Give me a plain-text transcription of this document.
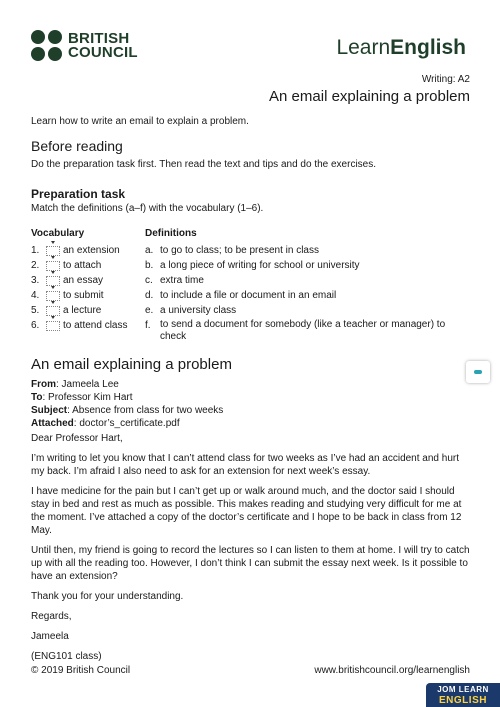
BRITISH
COUNCIL	LearnEnglish
Writing: A2
An email explaining a problem
Learn how to write an email to explain a problem.
Before reading
Do the preparation task first. Then read the text and tips and do the exercises.
Preparation task
Match the definitions (a–f) with the vocabulary (1–6).
Vocabulary	Definitions
1.	an extension	a. to go to class; to be present in class
2.	to attach	b. a long piece of writing for school or university
3.	an essay	c. extra time
4.	to submit	d. to include a file or document in an email
5.	a lecture	e. a university class
6.	to attend class	f. to send a document for somebody (like a teacher or manager) to check
An email explaining a problem
From: Jameela Lee
To: Professor Kim Hart
Subject: Absence from class for two weeks
Attached: doctor’s_certificate.pdf

Dear Professor Hart,

I’m writing to let you know that I can’t attend class for two weeks as I’ve had an accident and hurt my back. I’m afraid I also need to ask for an extension for next week’s essay.

I have medicine for the pain but I can’t get up or walk around much, and the doctor said I should stay in bed and rest as much as possible. This makes reading and studying very difficult for me at the moment. I’ve attached a copy of the doctor’s certificate and I hope to be back in class from 12 May.

Until then, my friend is going to record the lectures so I can listen to them at home. I will try to catch up with all the reading too. However, I don’t think I can submit the essay next week. Is it possible to have an extension?

Thank you for your understanding.

Regards,

Jameela

(ENG101 class)

© 2019 British Council	www.britishcouncil.org/learnenglish
JOM LEARN
ENGLISH
